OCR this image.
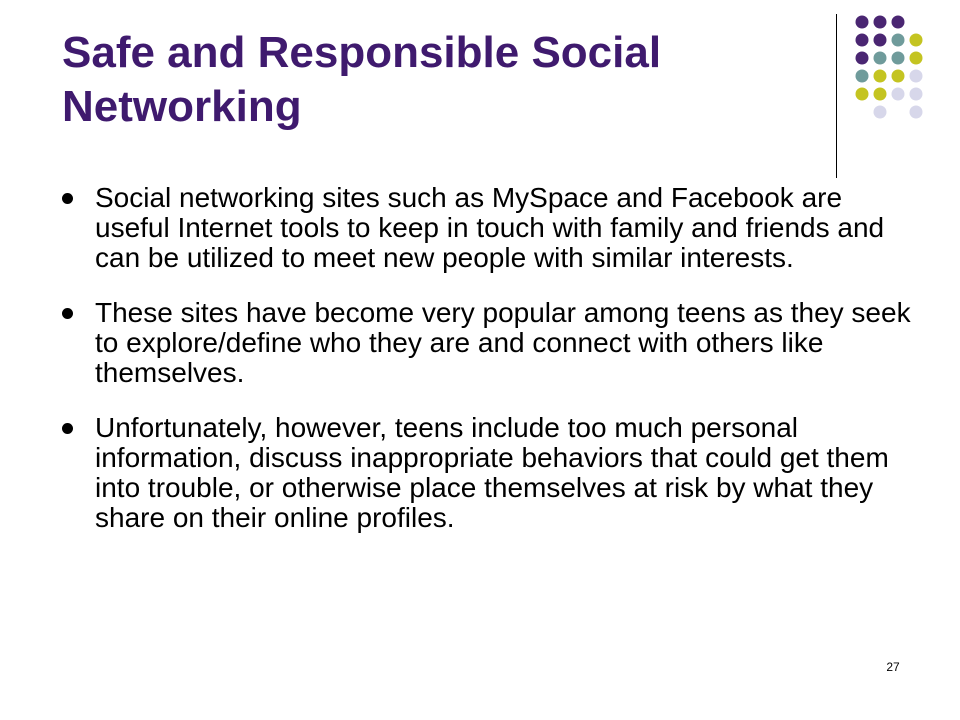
Safe and Responsible Social
Networking
Social networking sites such as MySpace and Facebook are useful Internet tools to keep in touch with family and friends and can be utilized to meet new people with similar interests.
These sites have become very popular among teens as they seek to explore/define who they are and connect with others like themselves.
Unfortunately, however, teens include too much personal information, discuss inappropriate behaviors that could get them into trouble, or otherwise place themselves at risk by what they share on their online profiles.
27
